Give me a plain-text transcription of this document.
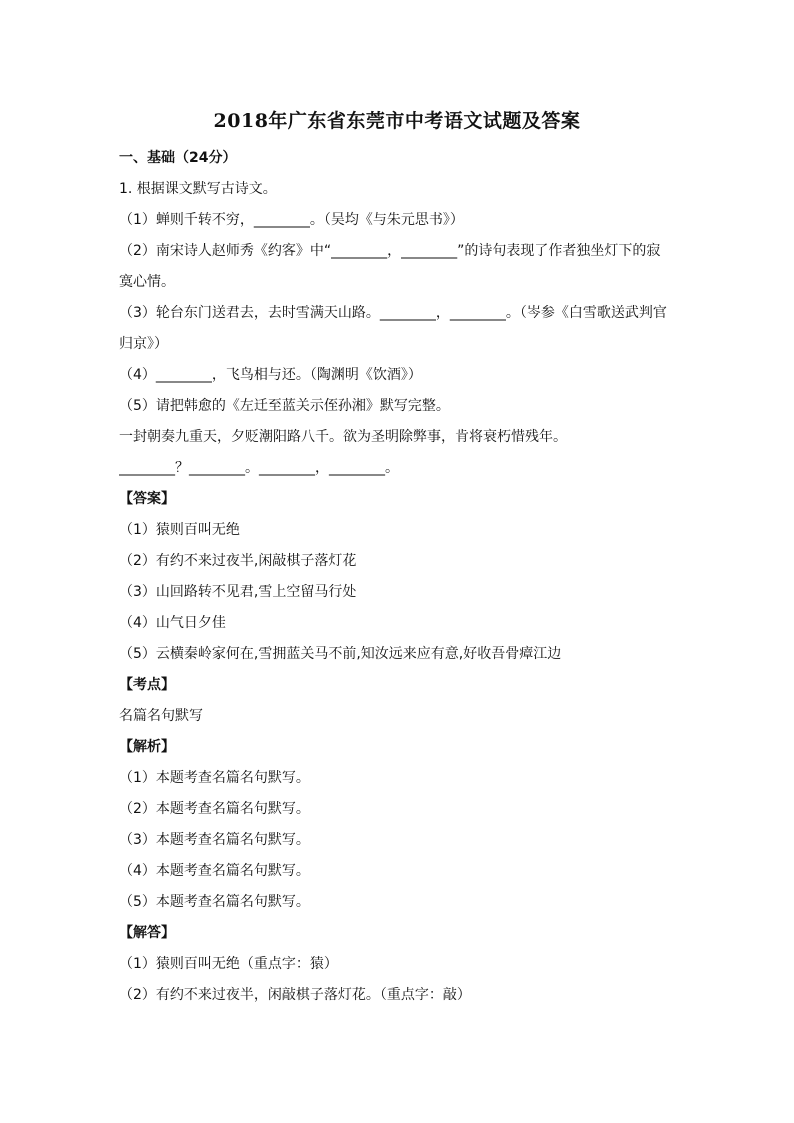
2018年广东省东莞市中考语文试题及答案
一、基础（24分）
1. 根据课文默写古诗文。
（1）蝉则千转不穷，________。（吴均《与朱元思书》）
（2）南宋诗人赵师秀《约客》中“________，________”的诗句表现了作者独坐灯下的寂
寞心情。
（3）轮台东门送君去，去时雪满天山路。________，________。（岑参《白雪歌送武判官
归京》）
（4）________，飞鸟相与还。（陶渊明《饮酒》）
（5）请把韩愈的《左迁至蓝关示侄孙湘》默写完整。
一封朝奏九重天，夕贬潮阳路八千。欲为圣明除弊事，肯将衰朽惜残年。
________？________。________，________。
【答案】
（1）猿则百叫无绝
（2）有约不来过夜半,闲敲棋子落灯花
（3）山回路转不见君,雪上空留马行处
（4）山气日夕佳
（5）云横秦岭家何在,雪拥蓝关马不前,知汝远来应有意,好收吾骨瘴江边
【考点】
名篇名句默写
【解析】
（1）本题考查名篇名句默写。
（2）本题考查名篇名句默写。
（3）本题考查名篇名句默写。
（4）本题考查名篇名句默写。
（5）本题考查名篇名句默写。
【解答】
（1）猿则百叫无绝（重点字：猿）
（2）有约不来过夜半，闲敲棋子落灯花。（重点字：敲）
